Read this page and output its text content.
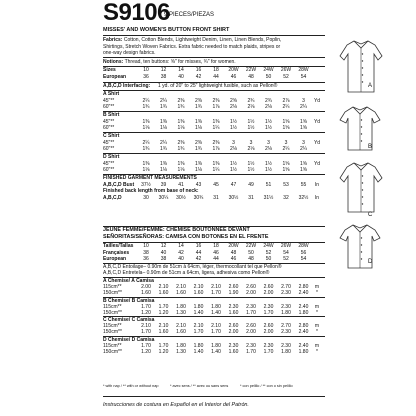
S9106
9 PIECES/PIEZAS
MISSES' AND WOMEN'S BUTTON FRONT SHIRT
Fabrics: Cotton, Cotton Blends, Lightweight Denim, Linen, Linen Blends, Poplin,
Shirtings, Stretch Woven Fabrics. Extra fabric needed to match plaids, stripes or
one-way design fabrics.
Notions: Thread, ten buttons: ⅝" for misses, ¾" for women.
Sizes	10	12	14	16	18	20W	22W	24W	26W	28W
European	36	38	40	42	44	46	48	50	52	54
A,B,C,D Interfacing: 1 yd. of 20" to 25" lightweight fusible, such as Pellon®
A Shirt
45"**	2¼	2¼	2⅜	2⅜	2⅜	2⅝	2¾	2¾	2⅞	3	Yd
60"**	1¾	1¾	1¾	1¾	1⅞	2⅛	2⅛	2⅛	2¼	2¼
B Shirt
45"**	1⅜	1⅜	1⅜	1⅜	1⅜	1½	1½	1½	1⅝	1⅝	Yd
60"**	1⅛	1⅛	1⅛	1⅛	1¼	1½	1½	1½	1⅝	1⅝
C Shirt
45"**	2¼	2¼	2⅜	2⅜	2⅜	3	3	3	3	3	Yd
60"**	1¾	1¾	1¾	1¾	1⅞	2⅛	2⅛	2⅛	2¼	2¼
D Shirt
45"**	1⅜	1⅜	1⅜	1⅜	1⅜	1½	1½	1½	1⅝	1⅝	Yd
60"**	1⅛	1⅛	1⅛	1⅛	1¼	1½	1½	1½	1⅝	1⅝
FINISHED GARMENT MEASUREMENTS
A,B,C,D Bust	37½	39	41	43	45	47	49	51	53	55	In
Finished back length from base of neck:
A,B,C,D	30	30¼	30½	30¾	31	30½	31	31½	32	32½	In
JEUNE FEMME/FEMME: CHEMISE BOUTONNÉE DEVANT
SEÑORITAS/SEÑORAS: CAMISA CON BOTONES EN EL FRENTE
Tailles/Tallas	10	12	14	16	18	20W	22W	24W	26W	28W
Françaises	38	40	42	44	46	48	50	52	54	56
European	36	38	40	42	44	46	48	50	52	54
A,B,C,D Entoilage– 0.90m de 51cm à 64cm, léger, thermocollant tel que Pellon®
A,B,C,D Entretela– 0.90m de 51cm a 64cm, ligera, adhesiva como Pellon®
A Chemise/ A Camisa
115cm**	2.00	2.10	2.10	2.10	2.10	2.60	2.60	2.60	2.70	2.80	m
150cm**	1.60	1.60	1.60	1.60	1.70	1.90	2.00	2.00	2.30	2.40	*
B Chemise/ B Camisa
115cm**	1.70	1.70	1.80	1.80	1.80	2.30	2.30	2.30	2.30	2.40	m
150cm**	1.20	1.20	1.30	1.40	1.40	1.60	1.70	1.70	1.80	1.80	*
C Chemise/ C Camisa
115cm**	2.10	2.10	2.10	2.10	2.10	2.60	2.60	2.60	2.70	2.80	m
150cm**	1.70	1.60	1.60	1.70	1.70	2.00	2.00	2.00	2.30	2.40	*
D Chemise/ D Camisa
115cm**	1.70	1.70	1.80	1.80	1.80	2.30	2.30	2.30	2.30	2.40	m
150cm**	1.20	1.20	1.30	1.40	1.40	1.60	1.70	1.70	1.80	1.80	*
* with nap / ** with or without nap	* avec sens / ** avec ou sans sens	* con pelillo / ** con o sin pelillo
Instrucciones de costura en Español en el Interior del Patrón.
A
B
C
D
